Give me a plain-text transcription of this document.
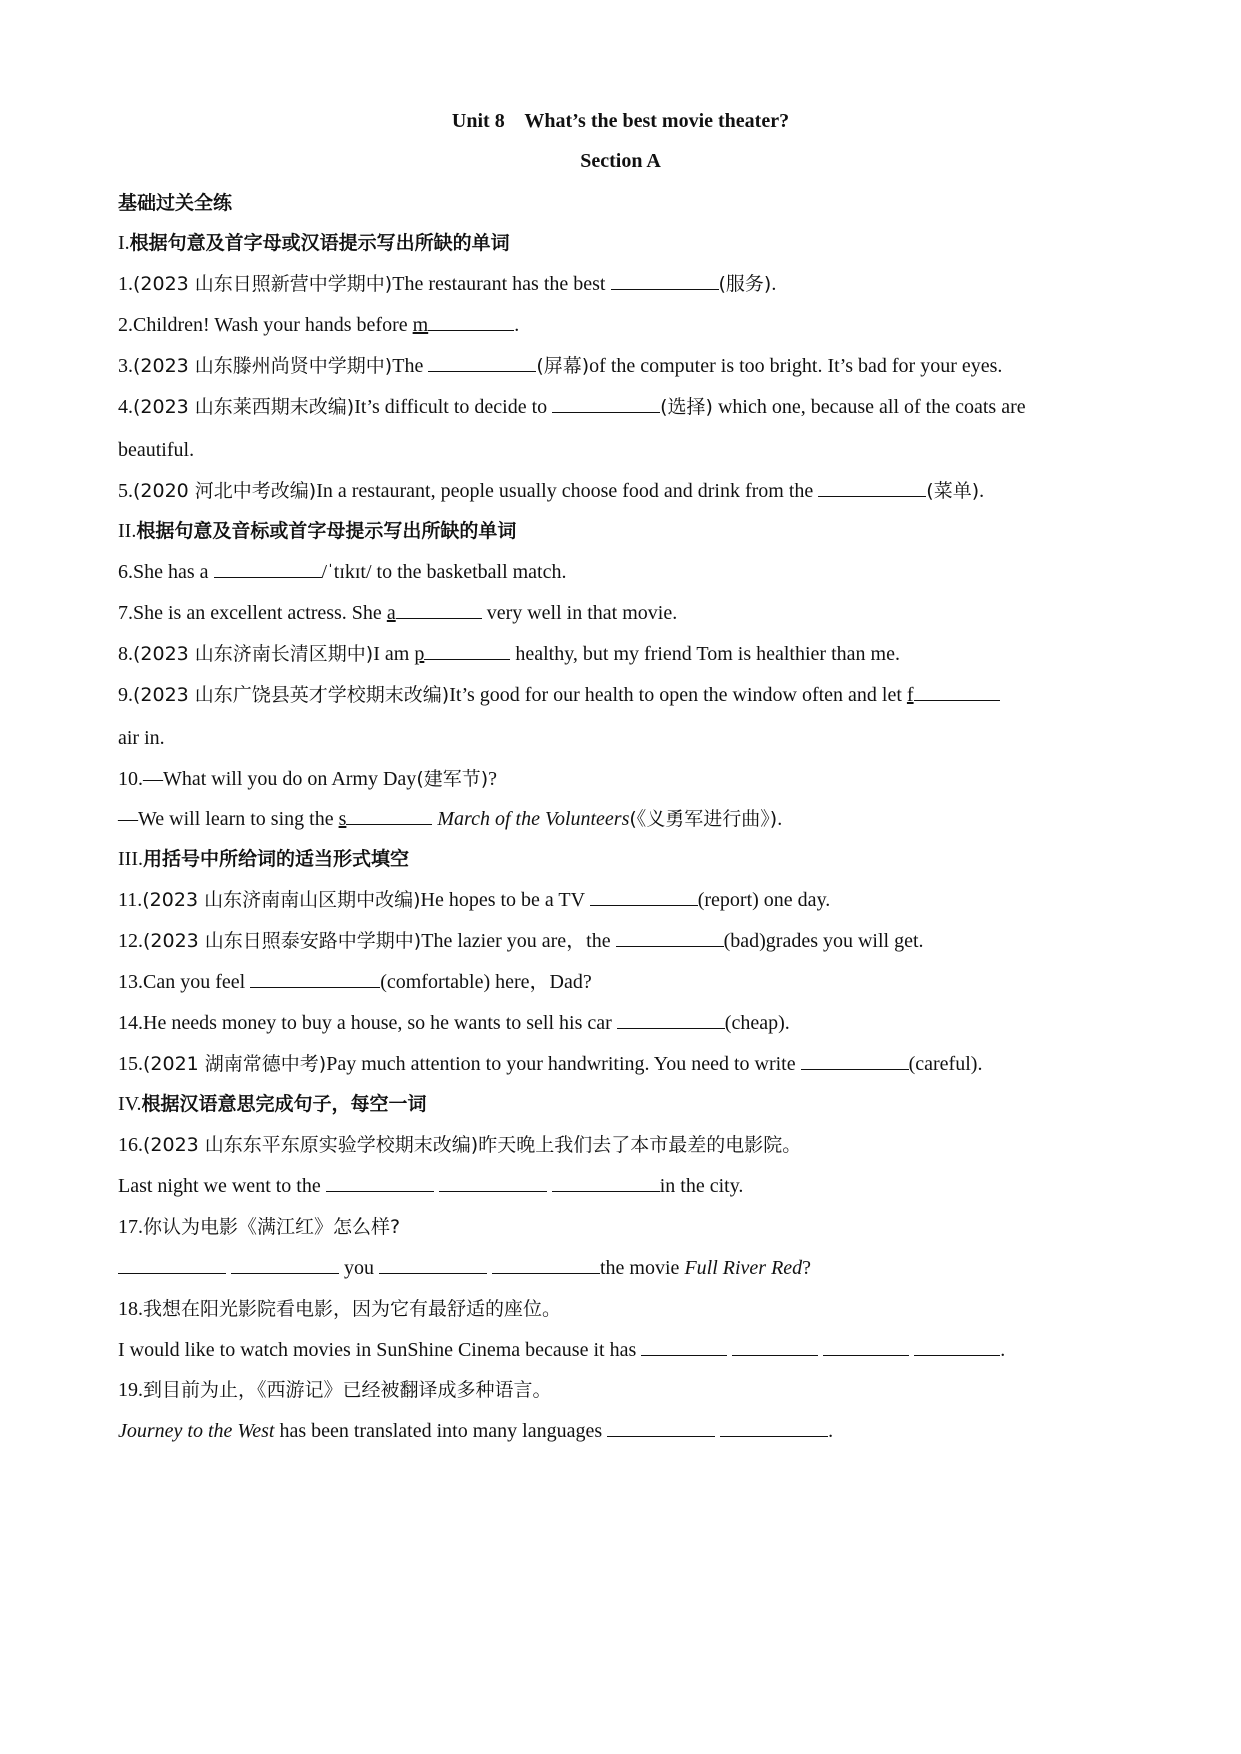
Unit 8    What’s the best movie theater?
Section A
基础过关全练
I.根据句意及首字母或汉语提示写出所缺的单词
1.(2023 山东日照新营中学期中)The restaurant has the best	(服务).
2.Children! Wash your hands before m	.
3.(2023 山东滕州尚贤中学期中)The	(屏幕)of the computer is too bright. It’s bad for your eyes.
4.(2023 山东莱西期末改编)It’s difficult to decide to	(选择) which one, because all of the coats are
beautiful.
5.(2020 河北中考改编)In a restaurant, people usually choose food and drink from the	(菜单).
II.根据句意及音标或首字母提示写出所缺的单词
6.She has a	/ˈtɪkɪt/ to the basketball match.
7.She is an excellent actress. She a	very well in that movie.
8.(2023 山东济南长清区期中)I am p	healthy, but my friend Tom is healthier than me.
9.(2023 山东广饶县英才学校期末改编)It’s good for our health to open the window often and let f
air in.
10.—What will you do on Army Day(建军节)?
—We will learn to sing the s	March of the Volunteers(《义勇军进行曲》).
III.用括号中所给词的适当形式填空
11.(2023 山东济南南山区期中改编)He hopes to be a TV	(report) one day.
12.(2023 山东日照泰安路中学期中)The lazier you are，the	(bad)grades you will get.
13.Can you feel	(comfortable) here，Dad?
14.He needs money to buy a house, so he wants to sell his car	(cheap).
15.(2021 湖南常德中考)Pay much attention to your handwriting. You need to write	(careful).
IV.根据汉语意思完成句子，每空一词
16.(2023 山东东平东原实验学校期末改编)昨天晚上我们去了本市最差的电影院。
Last night we went to the	in the city.
17.你认为电影《满江红》怎么样?
you	the movie Full River Red?
18.我想在阳光影院看电影，因为它有最舒适的座位。
I would like to watch movies in SunShine Cinema because it has	.
19.到目前为止，《西游记》已经被翻译成多种语言。
Journey to the West has been translated into many languages	.
